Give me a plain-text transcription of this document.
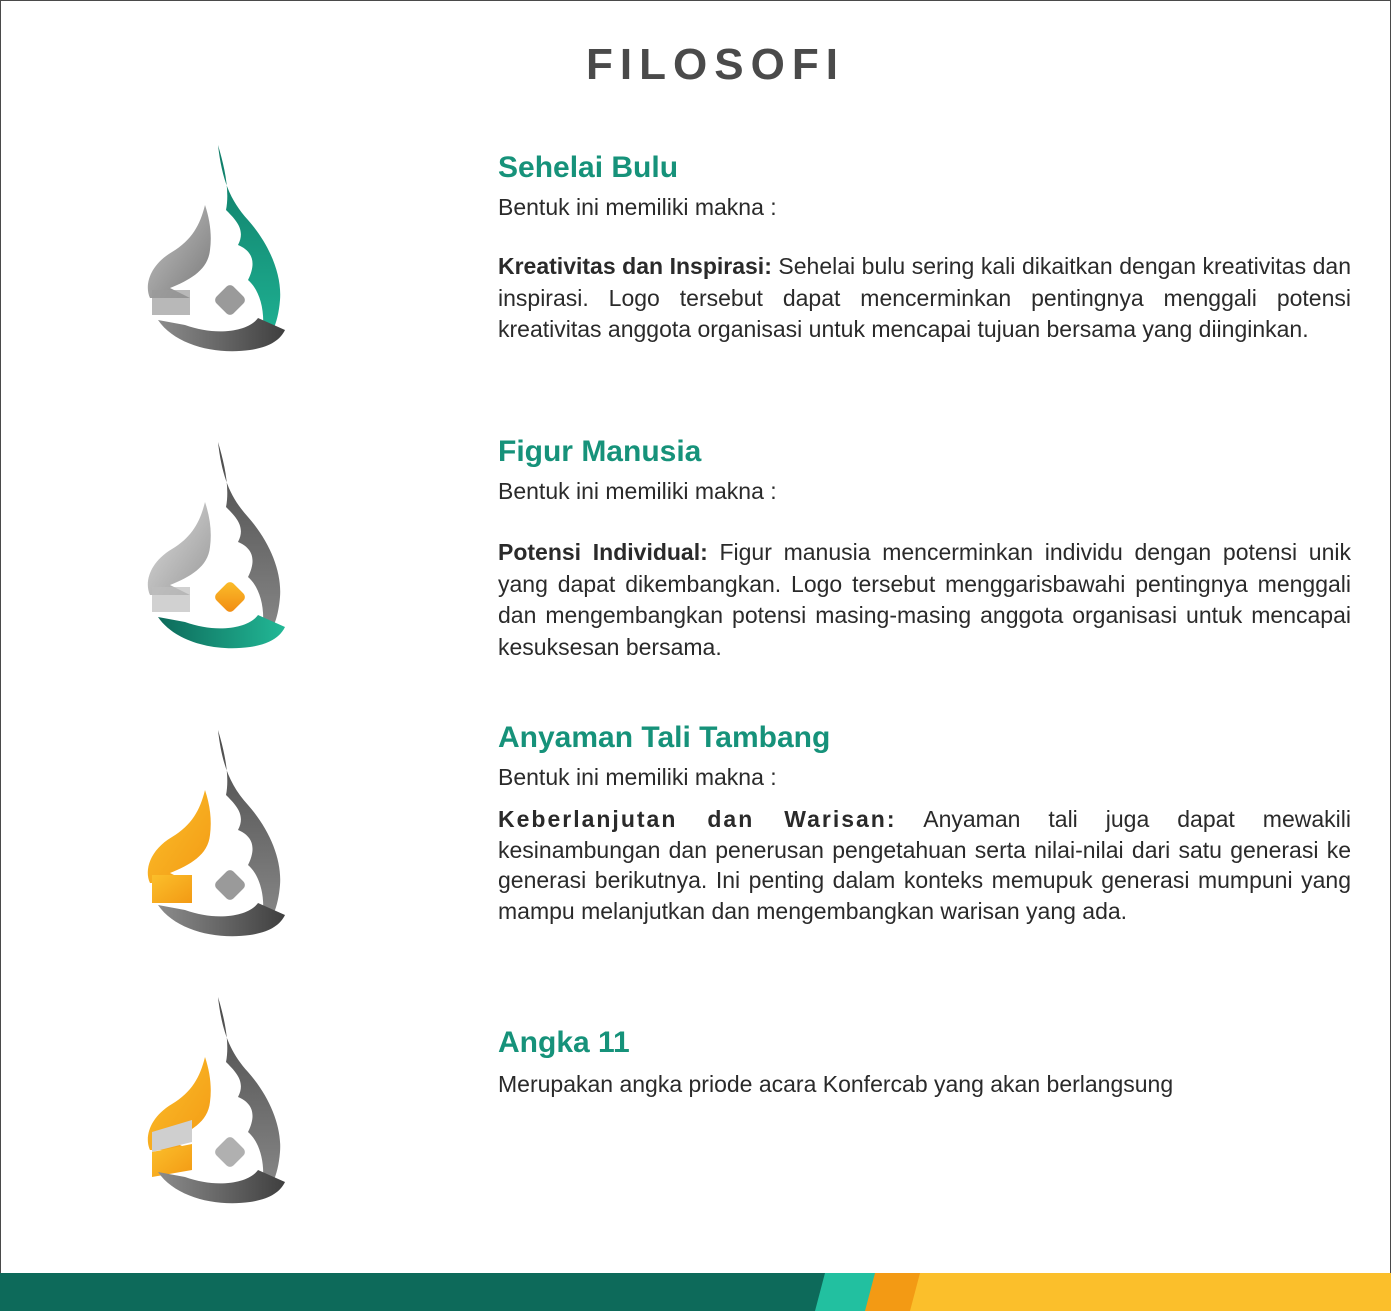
FILOSOFI
Sehelai Bulu

Bentuk ini memiliki makna :

Kreativitas dan Inspirasi: Sehelai bulu sering kali dikaitkan dengan kreativitas dan inspirasi. Logo tersebut dapat mencerminkan pentingnya menggali potensi kreativitas anggota organisasi untuk mencapai tujuan bersama yang diinginkan.

Figur Manusia

Bentuk ini memiliki makna :

Potensi Individual: Figur manusia mencerminkan individu dengan potensi unik yang dapat dikembangkan. Logo tersebut menggarisbawahi pentingnya menggali dan mengembangkan potensi masing-masing anggota organisasi untuk mencapai kesuksesan bersama.

Anyaman Tali Tambang

Bentuk ini memiliki makna :

Keberlanjutan dan Warisan: Anyaman tali juga dapat mewakili kesinambungan dan penerusan pengetahuan serta nilai-nilai dari satu generasi ke generasi berikutnya. Ini penting dalam konteks memupuk generasi mumpuni yang mampu melanjutkan dan mengembangkan warisan yang ada.

Angka 11

Merupakan angka priode acara Konfercab yang akan berlangsung
